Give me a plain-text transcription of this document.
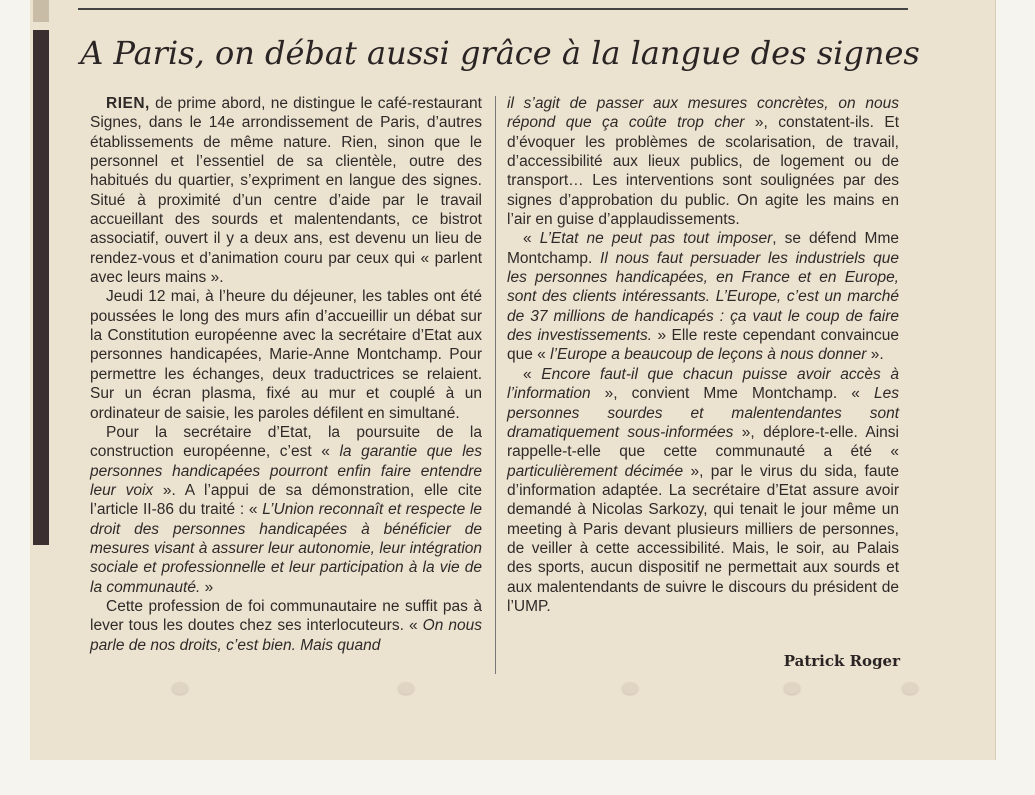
A Paris, on débat aussi grâce à la langue des signes

RIEN, de prime abord, ne distingue le café-restaurant Signes, dans le 14e arrondissement de Paris, d’autres établissements de même nature. Rien, sinon que le personnel et l’essentiel de sa clientèle, outre des habitués du quartier, s’expriment en langue des signes. Situé à proximité d’un centre d’aide par le travail accueillant des sourds et malentendants, ce bistrot associatif, ouvert il y a deux ans, est devenu un lieu de rendez-vous et d’animation couru par ceux qui « parlent avec leurs mains ».

Jeudi 12 mai, à l’heure du déjeuner, les tables ont été poussées le long des murs afin d’accueillir un débat sur la Constitution européenne avec la secrétaire d’Etat aux personnes handicapées, Marie-Anne Montchamp. Pour permettre les échanges, deux traductrices se relaient. Sur un écran plasma, fixé au mur et couplé à un ordinateur de saisie, les paroles défilent en simultané.

Pour la secrétaire d’Etat, la poursuite de la construction européenne, c’est « la garantie que les personnes handicapées pourront enfin faire entendre leur voix ». A l’appui de sa démonstration, elle cite l’article II-86 du traité : « L’Union reconnaît et respecte le droit des personnes handicapées à bénéficier de mesures visant à assurer leur autonomie, leur intégration sociale et professionnelle et leur participation à la vie de la communauté. »

Cette profession de foi communautaire ne suffit pas à lever tous les doutes chez ses interlocuteurs. « On nous parle de nos droits, c’est bien. Mais quand

il s’agit de passer aux mesures concrètes, on nous répond que ça coûte trop cher », constatent-ils. Et d’évoquer les problèmes de scolarisation, de travail, d’accessibilité aux lieux publics, de logement ou de transport… Les interventions sont soulignées par des signes d’approbation du public. On agite les mains en l’air en guise d’applaudissements.

« L’Etat ne peut pas tout imposer, se défend Mme Montchamp. Il nous faut persuader les industriels que les personnes handicapées, en France et en Europe, sont des clients intéressants. L’Europe, c’est un marché de 37 millions de handicapés : ça vaut le coup de faire des investissements. » Elle reste cependant convaincue que « l’Europe a beaucoup de leçons à nous donner ».

« Encore faut-il que chacun puisse avoir accès à l’information », convient Mme Montchamp. « Les personnes sourdes et malentendantes sont dramatiquement sous-informées », déplore-t-elle. Ainsi rappelle-t-elle que cette communauté a été « particulièrement décimée », par le virus du sida, faute d’information adaptée. La secrétaire d’Etat assure avoir demandé à Nicolas Sarkozy, qui tenait le jour même un meeting à Paris devant plusieurs milliers de personnes, de veiller à cette accessibilité. Mais, le soir, au Palais des sports, aucun dispositif ne permettait aux sourds et aux malentendants de suivre le discours du président de l’UMP.

Patrick Roger
